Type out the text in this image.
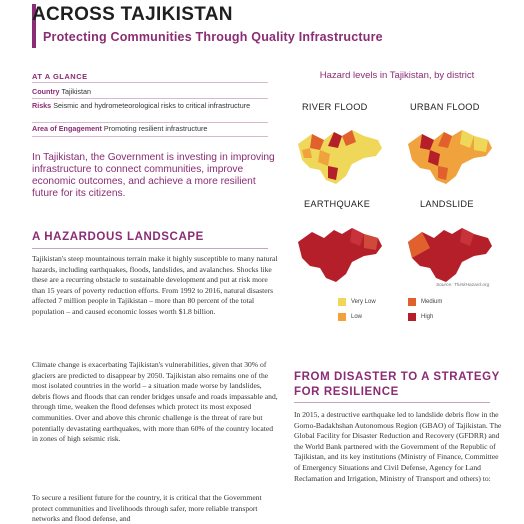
ACROSS TAJIKISTAN
Protecting Communities Through Quality Infrastructure
AT A GLANCE
Country Tajikistan
Risks Seismic and hydrometeorological risks to critical infrastructure
Area of Engagement Promoting resilient infrastructure
In Tajikistan, the Government is investing in improving infrastructure to connect communities, improve economic outcomes, and achieve a more resilient future for its citizens.
A HAZARDOUS LANDSCAPE
Tajikistan's steep mountainous terrain make it highly susceptible to many natural hazards, including earthquakes, floods, landslides, and avalanches. Shocks like these are a recurring obstacle to sustainable development and put at risk more than 15 years of poverty reduction efforts. From 1992 to 2016, natural disasters affected 7 million people in Tajikistan – more than 80 percent of the total population – and caused economic losses worth $1.8 billion.
Climate change is exacerbating Tajikistan's vulnerabilities, given that 30% of glaciers are predicted to disappear by 2050. Tajikistan also remains one of the most isolated countries in the world – a situation made worse by landslides, debris flows and floods that can render bridges unsafe and roads impassable and, through time, weaken the flood defenses which protect its most exposed communities. Over and above this chronic challenge is the threat of rare but potentially devastating earthquakes, with more than 60% of the country located in zones of high seismic risk.
To secure a resilient future for the country, it is critical that the Government protect communities and livelihoods through safer, more reliable transport networks and flood defense, and
Hazard levels in Tajikistan, by district
RIVER FLOOD	URBAN FLOOD
EARTHQUAKE	LANDSLIDE
Source: ThinkHazard.org
Very Low	Medium
Low	High
FROM DISASTER TO A STRATEGY
FOR RESILIENCE
In 2015, a destructive earthquake led to landslide debris flow in the Gorno-Badakhshan Autonomous Region (GBAO) of Tajikistan. The Global Facility for Disaster Reduction and Recovery (GFDRR) and the World Bank partnered with the Government of the Republic of Tajikistan, and its key institutions (Ministry of Finance, Committee of Emergency Situations and Civil Defense, Agency for Land Reclamation and Irrigation, Ministry of Transport and others) to:
